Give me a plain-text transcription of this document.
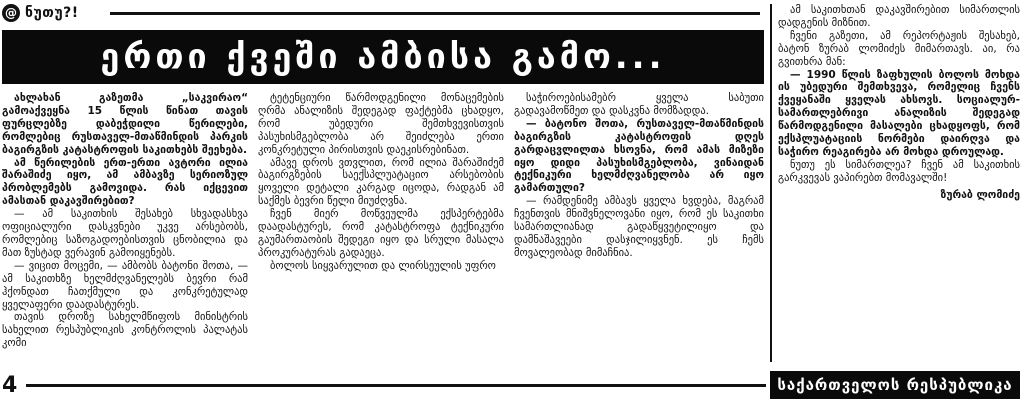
@ ნუთუ?!
ერთი ქვეში ამბისა გამო...

ახლახან გაზეთმა „საკვირაო“ გამოაქვეყნა 15 წლის წინათ თავის ფურცლებზე დაბეჭდილი წერილები, რომლებიც რუსთაველ-მთაწმინდის პარკის ბაგირგზის კატასტროფის საკითხებს შეეხება.

ამ წერილების ერთ-ერთი ავტორი ილია შარაშიძე იყო, ამ ამბავზე სერიოზულ პრობლემებს გამოვიდა. რას იქცევით ამასთან დაკავშირებით?

— ამ საკითხის შესახებ სხვადასხვა ოფიციალური დასკვნები უკვე არსებობს, რომლებიც საზოგადოებისთვის ცნობილია და მათ ზუსტად ვერავინ გამოიყენებს.

— ვიცით მოცემი, — ამბობს ბატონი შოთა, — ამ საკითხზე ხელმძღვანელებს ბევრი რამ ჰქონდათ ჩათქმული და კონკრეტულად ყველაფერი დაადასტურეს.

თავის დროზე სახელმწიფოს მინისტრის სახელით რესპუბლიკის კონტროლის პალატას კომი

ტეტენციური წარმოდგენილი მონაცემების ღრმა ანალიზის შედეგად ფაქტებმა ცხადყო, რომ უბედური შემთხვევისთვის პასუხისმგებლობა არ შეიძლება ერთი კონკრეტული პირისთვის დაეკისრებინათ.

ამავე დროს ვთვლით, რომ ილია შარაშიძემ ბაგირგზების საექსპლუატაციო არსებობის ყოველი დეტალი კარგად იცოდა, რადგან ამ საქმეს ბევრი წელი მიუძღვნა.

ჩვენ მიერ მოწვეულმა ექსპერტებმა დაადასტურეს, რომ კატასტროფა ტექნიკური გაუმართაობის შედეგი იყო და სრული მასალა პროკურატურას გადაეცა.

ბოლოს სიყვარულით და ლირსეულის უფრო

საჭიროებისამებრ ყველა საბუთი გადავამოწმეთ და დასკვნა მომზადდა.

— ბატონო შოთა, რუსთაველ-მთაწმინდის ბაგირგზის კატასტროფის დღეს გარდაცვლილთა ხსოვნა, რომ ამას მიზეზი იყო დიდი პასუხისმგებლობა, ვინაიდან ტექნიკური ხელმძღვანელობა არ იყო გამართული?

— რამდენიმე ამბავს ყველა ხვდება, მაგრამ ჩვენთვის მნიშვნელოვანი იყო, რომ ეს საკითხი სამართლიანად გადაწყვეტილიყო და დამნაშავეები დასჯილიყვნენ. ეს ჩემს მოვალეობად მიმაჩნია.

ამ საკითხთან დაკავშირებით სიმართლის დადგენის მიზნით.

ჩვენი გაზეთი, ამ რეპორტაჟის შესახებ, ბატონ ზურაბ ლომიძეს მიმართავს. აი, რა გვითხრა მან:

— 1990 წლის ზაფხულის ბოლოს მოხდა ის უბედური შემთხვევა, რომელიც ჩვენს ქვეყანაში ყველას ახსოვს. სოციალურ-სამართლებრივი ანალიზის შედეგად წარმოდგენილი მასალები ცხადყოფს, რომ ექსპლუატაციის ნორმები დაირღვა და საჭირო რეაგირება არ მოხდა დროულად.

ნუთუ ეს სიმართლეა? ჩვენ ამ საკითხის გარკვევას ვაპირებთ მომავალში!

ზურაბ ლომიძე

4	საქართველოს რესპუბლიკა
